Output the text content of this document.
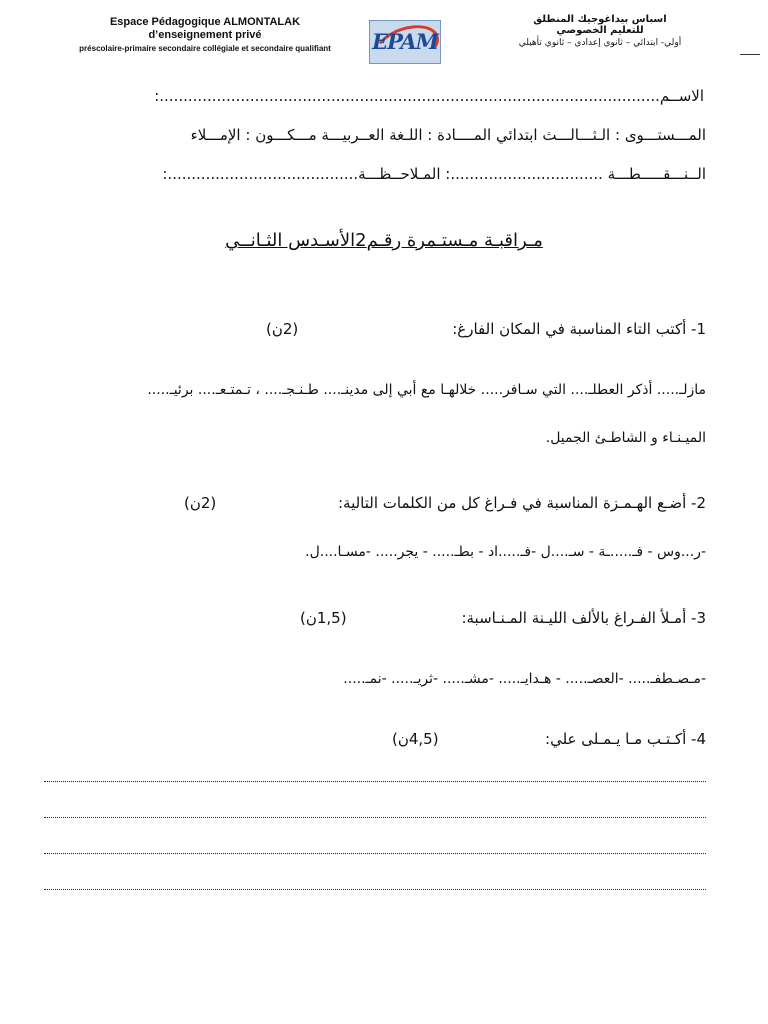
Espace Pédagogique ALMONTALAK
d’enseignement privé
préscolaire-primaire secondaire collégiale et secondaire qualifiant	EPAM
اسباس بيداغوجيك المنطلق
للتعليم الخصوصي
أولي- ابتدائي – ثانوي إعدادي – ثانوي تأهيلي
الاســم.........................................................................................................:
المـــستـــوى : الـثـــالـــث ابتدائي المــــادة : اللـغة العــربيـــة مـــكـــون : الإمـــلاء
الــنـــقـــــطـــة ................................: المـلاحــظـــة........................................:
مـراقبـة مـستـمرة رقـم2الأسـدس الثـانــي
1- أكتب التاء المناسبة في المكان الفارغ:
(2ن)
مازلـ..... أذكر العطلـ.... التي سـافر..... خلالهـا مع أبي إلى مدينـ.... طـنـجـ.... ، تـمتـعـ.... برئيـ.....
الميـنـاء و الشاطـئ الجميل.
2- أضـع الهـمـزة المناسبة في فـراغ كل من الكلمات التالية:
(2ن)
-ر...وس - فـ.....ـة - سـ....ل -فـ.....اد - بطـ..... - يجر..... -مسـا....ل.
3- أمـلأ الفـراغ بالألف الليـنة المـنـاسبة:
(1,5ن)
-مـصـطفـ..... -العصـ..... - هـدايـ..... -مشـ..... -ثريـ..... -نمـ.....
4- أكـتـب مـا يـمـلى علي:
(4,5ن)
